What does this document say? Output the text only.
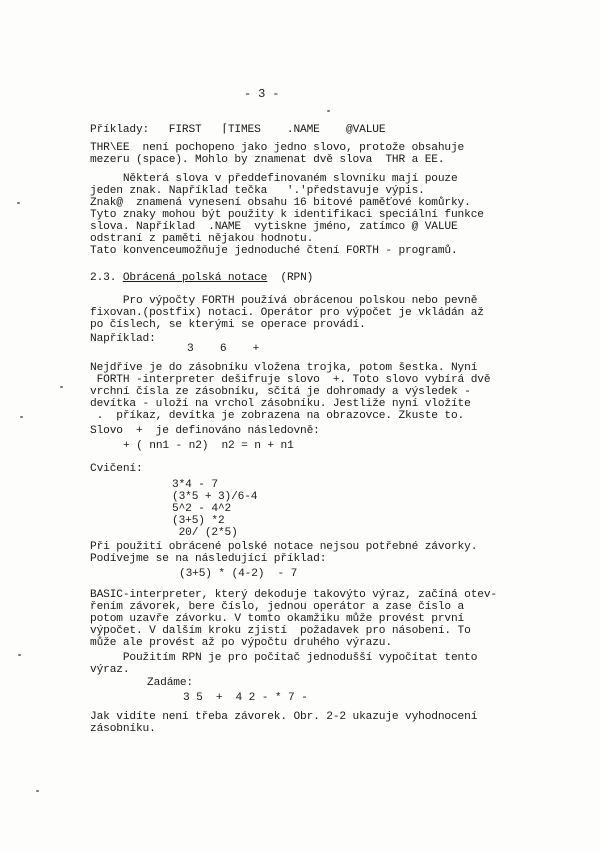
- 3 -
Příklady:   FIRST   ⌈TIMES    .NAME    @VALUE
THR\EE  není pochopeno jako jedno slovo, protože obsahuje
mezeru (space). Mohlo by znamenat dvě slova  THR a EE.
Některá slova v předdefinovaném slovníku mají pouze
jeden znak. Například tečka   '.'představuje výpis.
Znak@  znamená vynesení obsahu 16 bitové paměťové komůrky.
Tyto znaky mohou být použity k identifikaci speciální funkce
slova. Například  .NAME  vytiskne jméno, zatímco @ VALUE
odstraní z paměti nějakou hodnotu.
Tato konvenceumožňuje jednoduché čtení FORTH - programů.
2.3. Obrácená polská notace (RPN)
Pro výpočty FORTH používá obrácenou polskou nebo pevně
fixovan.(postfix) notaci. Operátor pro výpočet je vkládán až
po číslech, se kterými se operace provádí.
Například:
3    6    +
Nejdříve je do zásobníku vložena trojka, potom šestka. Nyní
FORTH -interpreter dešifruje slovo  +. Toto slovo vybírá dvě
vrchní čísla ze zásobníku, sčítá je dohromady a výsledek -
devítka - uloží na vrchol zásobníku. Jestliže nyní vložíte
.  příkaz, devítka je zobrazena na obrazovce. Zkuste to.
Slovo  +  je definováno následovně:
+ ( nn1 - n2)  n2 = n + n1
Cvičení:
3*4 - 7
(3*5 + 3)/6-4
5^2 - 4^2
(3+5) *2
20/ (2*5)
Při použití obrácené polské notace nejsou potřebné závorky.
Podívejme se na následující příklad:
(3+5) * (4-2)  - 7
BASIC-interpreter, který dekoduje takovýto výraz, začíná otev-
řením závorek, bere číslo, jednou operátor a zase číslo a
potom uzavře závorku. V tomto okamžiku může provést první
výpočet. V dalším kroku zjistí  požadavek pro násobení. To
může ale provést až po výpočtu druhého výrazu.
Použitím RPN je pro počítač jednodušší vypočítat tento
výraz.
Zadáme:
3 5  +  4 2 - * 7 -
Jak vidíte není třeba závorek. Obr. 2-2 ukazuje vyhodnocení
zásobníku.
